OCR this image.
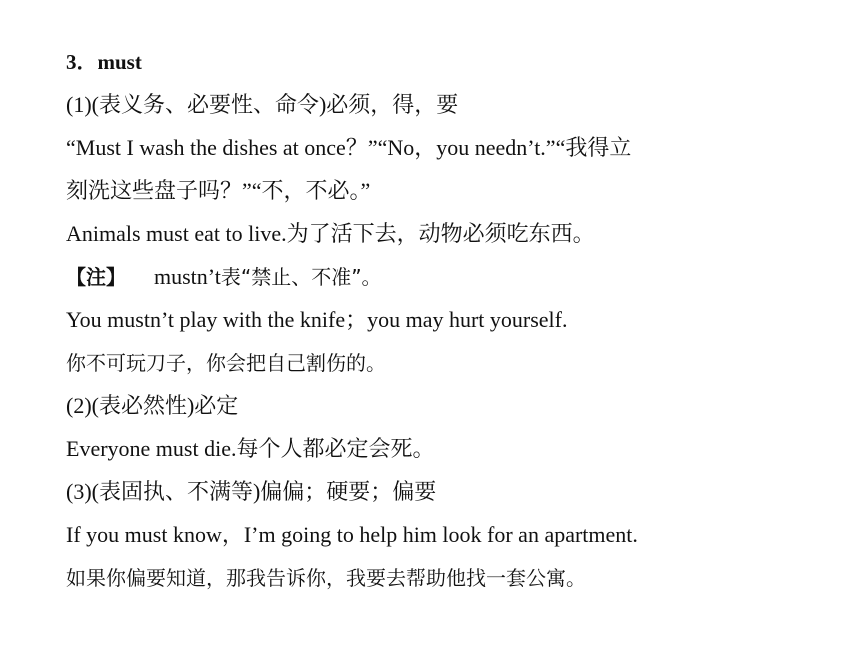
3．must
(1)(表义务、必要性、命令)必须，得，要
“Must I wash the dishes at once？”“No，you needn’t.”“我得立
刻洗这些盘子吗？”“不，不必。”
Animals must eat to live.为了活下去，动物必须吃东西。
【注】 mustn’t表“禁止、不准”。
You mustn’t play with the knife；you may hurt yourself.
你不可玩刀子，你会把自己割伤的。
(2)(表必然性)必定
Everyone must die.每个人都必定会死。
(3)(表固执、不满等)偏偏；硬要；偏要
If you must know，I’m going to help him look for an apartment.
如果你偏要知道，那我告诉你，我要去帮助他找一套公寓。
